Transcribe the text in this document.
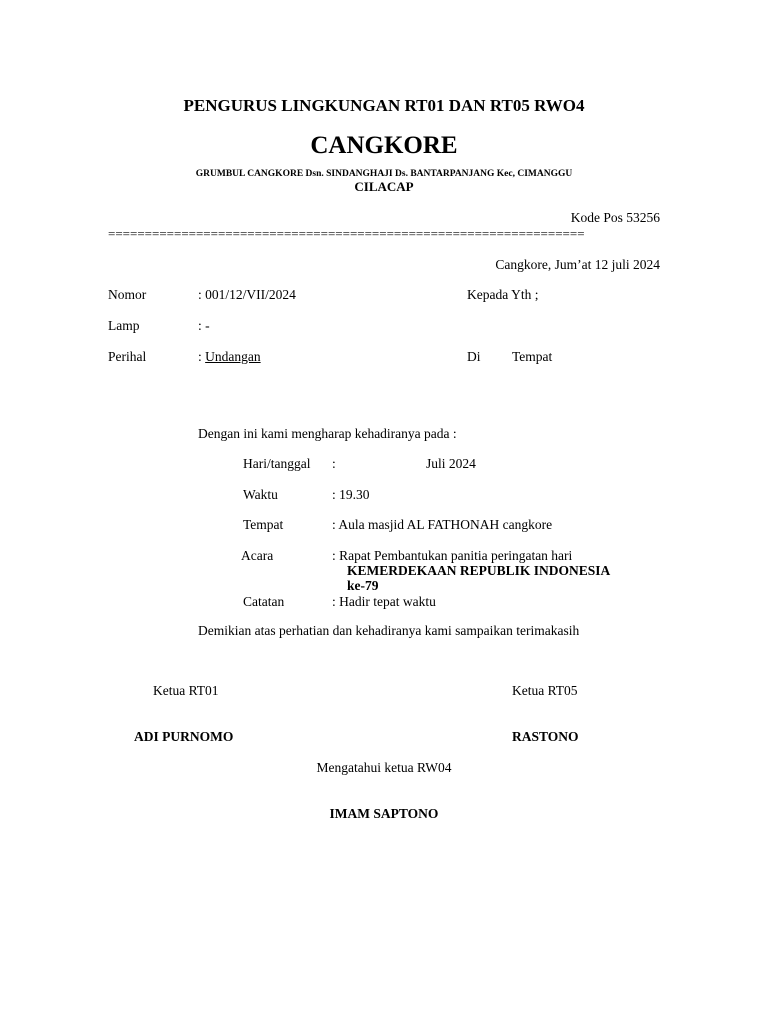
PENGURUS LINGKUNGAN RT01 DAN RT05 RWO4
CANGKORE
GRUMBUL CANGKORE Dsn. SINDANGHAJI Ds. BANTARPANJANG Kec, CIMANGGU
CILACAP
Kode Pos 53256
=================================================================
Cangkore, Jum’at 12 juli 2024
Nomor	: 001/12/VII/2024	Kepada Yth ;
Lamp	: -
Perihal	: Undangan	Di Tempat
Dengan ini kami mengharap kehadiranya pada :
Hari/tanggal :	Juli 2024
Waktu	: 19.30
Tempat	: Aula masjid AL FATHONAH cangkore
Acara	: Rapat Pembantukan panitia peringatan hari
KEMERDEKAAN REPUBLIK INDONESIA
ke-79
Catatan	: Hadir tepat waktu
Demikian atas perhatian dan kehadiranya kami sampaikan terimakasih
Ketua RT01	Ketua RT05
ADI PURNOMO	RASTONO
Mengatahui ketua RW04
IMAM SAPTONO
